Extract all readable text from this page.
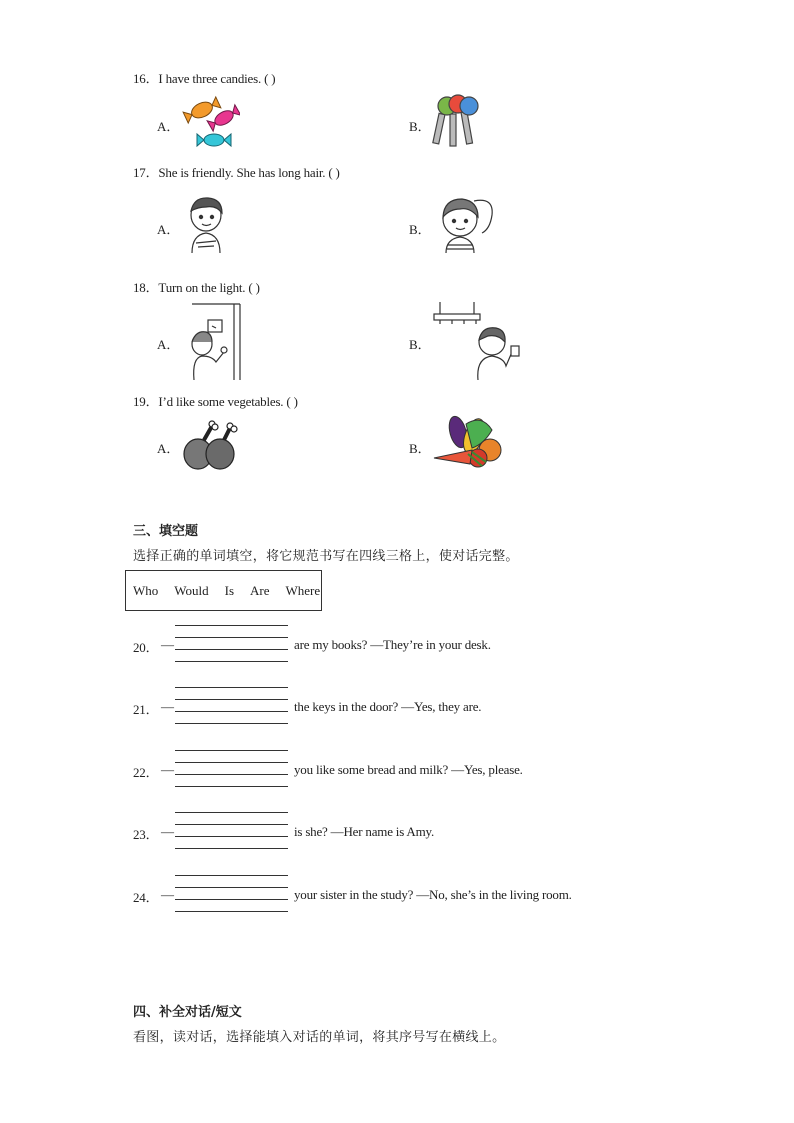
16．I have three candies. ( )
A．	B．
17．She is friendly. She has long hair. ( )
A．	B．
18．Turn on the light. ( )
A．	B．
19．I’d like some vegetables. ( )
A．	B．
三、填空题
选择正确的单词填空，将它规范书写在四线三格上，使对话完整。
Who Would Is Are Where
20． —	are my books? —They’re in your desk.
21． —	the keys in the door? —Yes, they are.
22． —	you like some bread and milk? —Yes, please.
23． —	is she? —Her name is Amy.
24． —	your sister in the study? —No, she’s in the living room.
四、补全对话/短文
看图，读对话，选择能填入对话的单词，将其序号写在横线上。
